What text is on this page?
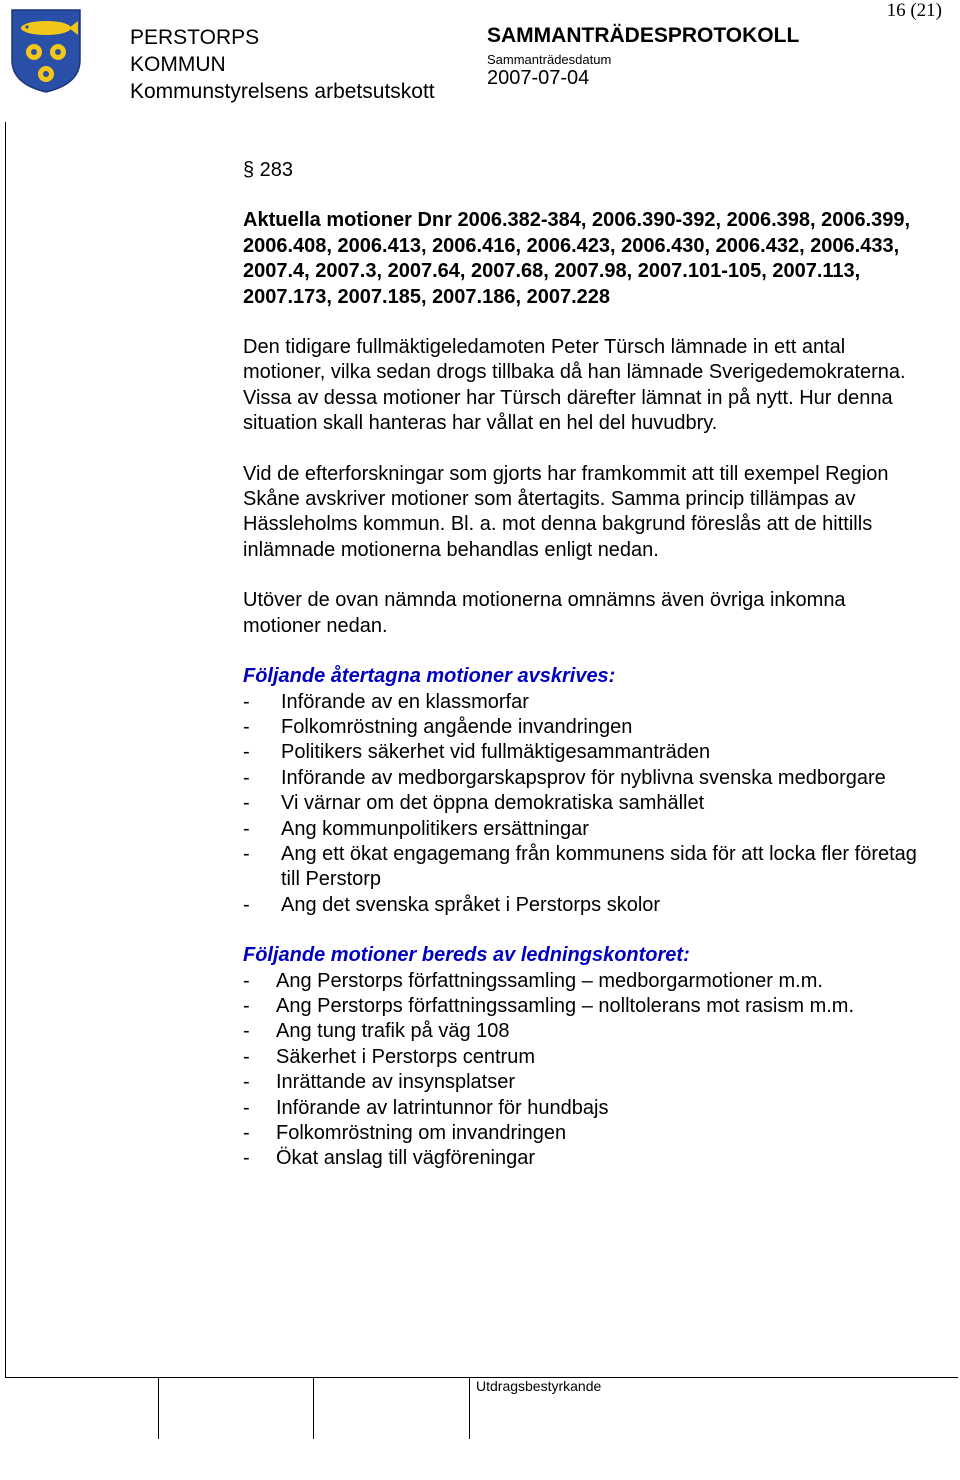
16 (21)
PERSTORPS
KOMMUN
Kommunstyrelsens arbetsutskott
SAMMANTRÄDESPROTOKOLL
Sammanträdesdatum
2007-07-04
§ 283
Aktuella motioner Dnr 2006.382-384, 2006.390-392, 2006.398, 2006.399, 2006.408, 2006.413, 2006.416, 2006.423, 2006.430, 2006.432, 2006.433, 2007.4, 2007.3, 2007.64, 2007.68, 2007.98, 2007.101-105, 2007.113, 2007.173, 2007.185, 2007.186, 2007.228
Den tidigare fullmäktigeledamoten Peter Türsch lämnade in ett antal motioner, vilka sedan drogs tillbaka då han lämnade Sverigedemokraterna. Vissa av dessa motioner har Türsch därefter lämnat in på nytt. Hur denna situation skall hanteras har vållat en hel del huvudbry.
Vid de efterforskningar som gjorts har framkommit att till exempel Region Skåne avskriver motioner som återtagits. Samma princip tillämpas av Hässleholms kommun. Bl. a. mot denna bakgrund föreslås att de hittills inlämnade motionerna behandlas enligt nedan.
Utöver de ovan nämnda motionerna omnämns även övriga inkomna motioner nedan.
Följande återtagna motioner avskrives:
- Införande av en klassmorfar
- Folkomröstning angående invandringen
- Politikers säkerhet vid fullmäktigesammanträden
- Införande av medborgarskapsprov för nyblivna svenska medborgare
- Vi värnar om det öppna demokratiska samhället
- Ang kommunpolitikers ersättningar
- Ang ett ökat engagemang från kommunens sida för att locka fler företag till Perstorp
- Ang det svenska språket i Perstorps skolor
Följande motioner bereds av ledningskontoret:
- Ang Perstorps författningssamling – medborgarmotioner m.m.
- Ang Perstorps författningssamling – nolltolerans mot rasism m.m.
- Ang tung trafik på väg 108
- Säkerhet i Perstorps centrum
- Inrättande av insynsplatser
- Införande av latrintunnor för hundbajs
- Folkomröstning om invandringen
- Ökat anslag till vägföreningar
Utdragsbestyrkande
